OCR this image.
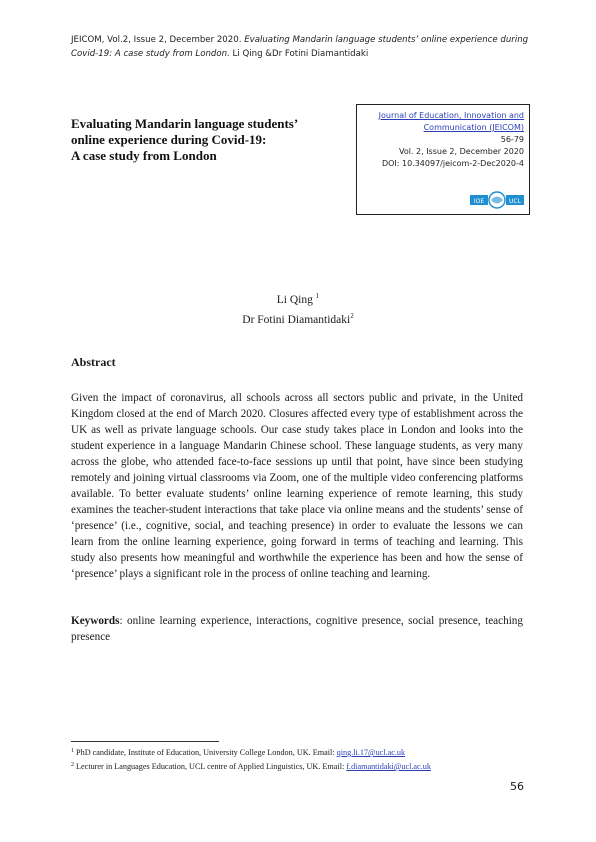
JEICOM, Vol.2, Issue 2, December 2020. Evaluating Mandarin language students’ online experience during
Covid-19: A case study from London. Li Qing &Dr Fotini Diamantidaki
Evaluating Mandarin language students’
online experience during Covid-19:
A case study from London
Journal of Education, Innovation and
Communication (JEICOM)
56-79
Vol. 2, Issue 2, December 2020
DOI: 10.34097/jeicom-2-Dec2020-4
IOE	UCL
Li Qing $^1$
Dr Fotini Diamantidaki$^2$
Abstract
Given the impact of coronavirus, all schools across all sectors public and private, in the United Kingdom closed at the end of March 2020. Closures affected every type of establishment across the UK as well as private language schools. Our case study takes place in London and looks into the student experience in a language Mandarin Chinese school. These language students, as very many across the globe, who attended face-to-face sessions up until that point, have since been studying remotely and joining virtual classrooms via Zoom, one of the multiple video conferencing platforms available. To better evaluate students’ online learning experience of remote learning, this study examines the teacher-student interactions that take place via online means and the students’ sense of ‘presence’ (i.e., cognitive, social, and teaching presence) in order to evaluate the lessons we can learn from the online learning experience, going forward in terms of teaching and learning. This study also presents how meaningful and worthwhile the experience has been and how the sense of ‘presence’ plays a significant role in the process of online teaching and learning.
Keywords: online learning experience, interactions, cognitive presence, social presence, teaching presence
$^1$ PhD candidate, Institute of Education, University College London, UK. Email: qing.li.17@ucl.ac.uk
$^2$ Lecturer in Languages Education, UCL centre of Applied Linguistics, UK. Email: f.diamantidaki@ucl.ac.uk
56
